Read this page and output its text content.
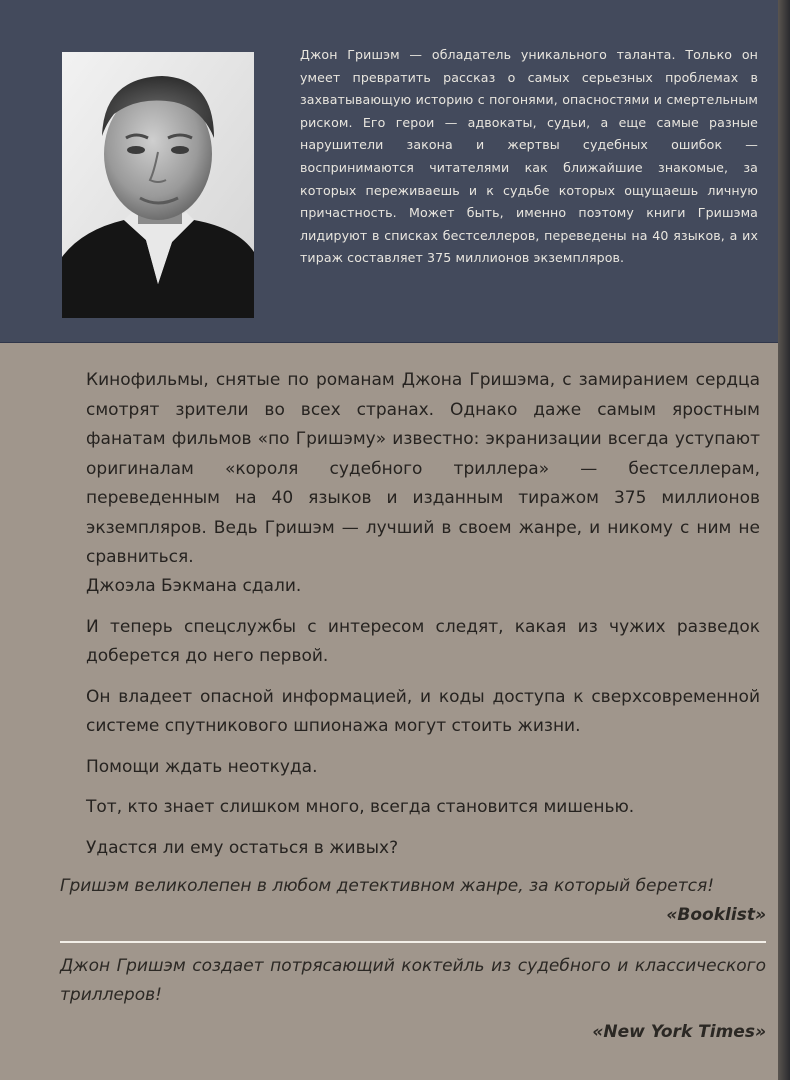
Джон Гришэм — обладатель уникального таланта. Только он умеет превратить рассказ о самых серьезных проблемах в захватывающую историю с погонями, опасностями и смертельным риском. Его герои — адвокаты, судьи, а еще самые разные нарушители закона и жертвы судебных ошибок — воспринимаются читателями как ближайшие знакомые, за которых переживаешь и к судьбе которых ощущаешь личную причастность. Может быть, именно поэтому книги Гришэма лидируют в списках бестселлеров, переведены на 40 языков, а их тираж составляет 375 миллионов экземпляров.
Кинофильмы, снятые по романам Джона Гришэма, с замиранием сердца смотрят зрители во всех странах. Однако даже самым яростным фанатам фильмов «по Гришэму» известно: экранизации всегда уступают оригиналам «короля судебного триллера» — бестселлерам, переведенным на 40 языков и изданным тиражом 375 миллионов экземпляров. Ведь Гришэм — лучший в своем жанре, и никому с ним не сравниться.

Джоэла Бэкмана сдали.

И теперь спецслужбы с интересом следят, какая из чужих разведок доберется до него первой.

Он владеет опасной информацией, и коды доступа к сверхсовременной системе спутникового шпионажа могут стоить жизни.

Помощи ждать неоткуда.

Тот, кто знает слишком много, всегда становится мишенью.

Удастся ли ему остаться в живых?

Гришэм великолепен в любом детективном жанре, за который берется!

«Booklist»

Джон Гришэм создает потрясающий коктейль из судебного и классического триллеров!

«New York Times»
